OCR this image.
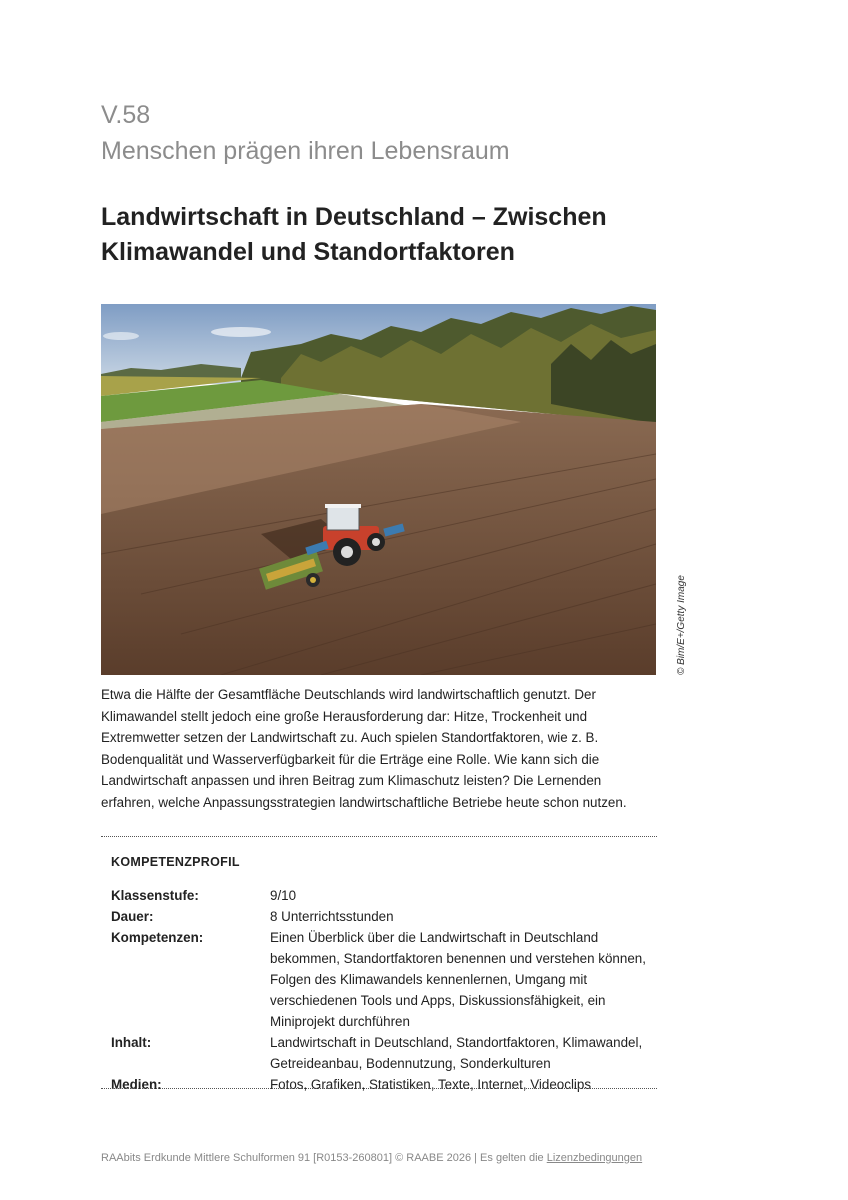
V.58
Menschen prägen ihren Lebensraum
Landwirtschaft in Deutschland – Zwischen
Klimawandel und Standortfaktoren
© Bim/E+/Getty Image

Etwa die Hälfte der Gesamtfläche Deutschlands wird landwirtschaftlich genutzt. Der Klimawandel stellt jedoch eine große Herausforderung dar: Hitze, Trockenheit und Extremwetter setzen der Landwirtschaft zu. Auch spielen Standortfaktoren, wie z. B. Bodenqualität und Wasserverfügbarkeit für die Erträge eine Rolle. Wie kann sich die Landwirtschaft anpassen und ihren Beitrag zum Klimaschutz leisten? Die Lernenden erfahren, welche Anpassungsstrategien landwirtschaftliche Betriebe heute schon nutzen.

KOMPETENZPROFIL
Klassenstufe:	9/10
Dauer:	8 Unterrichtsstunden
Kompetenzen:	Einen Überblick über die Landwirtschaft in Deutschland bekommen, Standortfaktoren benennen und verstehen können, Folgen des Klimawandels kennenlernen, Umgang mit verschiedenen Tools und Apps, Diskussionsfähigkeit, ein Miniprojekt durchführen
Inhalt:	Landwirtschaft in Deutschland, Standortfaktoren, Klimawandel, Getreideanbau, Bodennutzung, Sonderkulturen
Medien:	Fotos, Grafiken, Statistiken, Texte, Internet, Videoclips
RAAbits Erdkunde Mittlere Schulformen 91 [R0153-260801] © RAABE 2026 | Es gelten die Lizenzbedingungen
